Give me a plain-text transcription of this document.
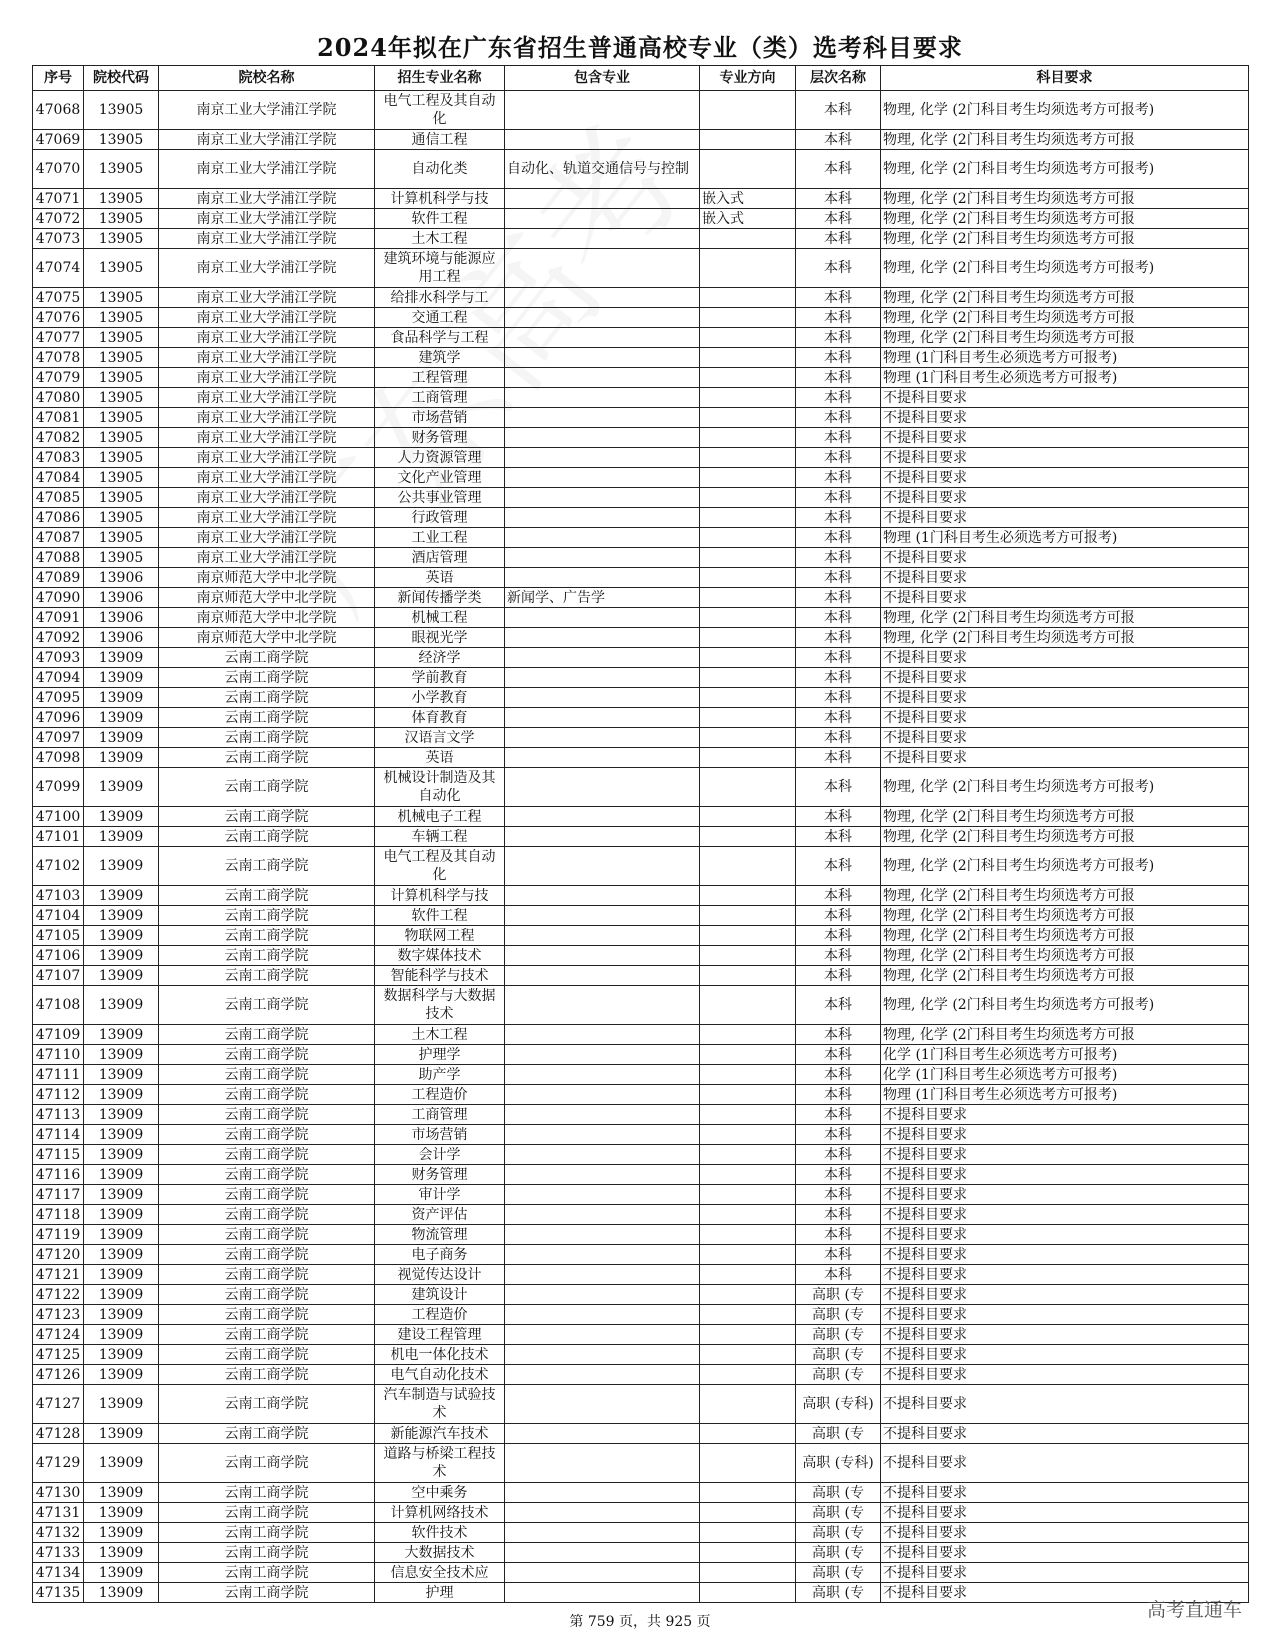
2024年拟在广东省招生普通高校专业（类）选考科目要求
序号	院校代码	院校名称	招生专业名称	包含专业	专业方向	层次名称	科目要求
47068	13905	南京工业大学浦江学院	电气工程及其自动化			本科	物理, 化学 (2门科目考生均须选考方可报考)
47069	13905	南京工业大学浦江学院	通信工程			本科	物理, 化学 (2门科目考生均须选考方可报
47070	13905	南京工业大学浦江学院	自动化类	自动化、轨道交通信号与控制		本科	物理, 化学 (2门科目考生均须选考方可报考)
47071	13905	南京工业大学浦江学院	计算机科学与技		嵌入式	本科	物理, 化学 (2门科目考生均须选考方可报
47072	13905	南京工业大学浦江学院	软件工程		嵌入式	本科	物理, 化学 (2门科目考生均须选考方可报
47073	13905	南京工业大学浦江学院	土木工程			本科	物理, 化学 (2门科目考生均须选考方可报
47074	13905	南京工业大学浦江学院	建筑环境与能源应用工程			本科	物理, 化学 (2门科目考生均须选考方可报考)
47075	13905	南京工业大学浦江学院	给排水科学与工			本科	物理, 化学 (2门科目考生均须选考方可报
47076	13905	南京工业大学浦江学院	交通工程			本科	物理, 化学 (2门科目考生均须选考方可报
47077	13905	南京工业大学浦江学院	食品科学与工程			本科	物理, 化学 (2门科目考生均须选考方可报
47078	13905	南京工业大学浦江学院	建筑学			本科	物理 (1门科目考生必须选考方可报考)
47079	13905	南京工业大学浦江学院	工程管理			本科	物理 (1门科目考生必须选考方可报考)
47080	13905	南京工业大学浦江学院	工商管理			本科	不提科目要求
47081	13905	南京工业大学浦江学院	市场营销			本科	不提科目要求
47082	13905	南京工业大学浦江学院	财务管理			本科	不提科目要求
47083	13905	南京工业大学浦江学院	人力资源管理			本科	不提科目要求
47084	13905	南京工业大学浦江学院	文化产业管理			本科	不提科目要求
47085	13905	南京工业大学浦江学院	公共事业管理			本科	不提科目要求
47086	13905	南京工业大学浦江学院	行政管理			本科	不提科目要求
47087	13905	南京工业大学浦江学院	工业工程			本科	物理 (1门科目考生必须选考方可报考)
47088	13905	南京工业大学浦江学院	酒店管理			本科	不提科目要求
47089	13906	南京师范大学中北学院	英语			本科	不提科目要求
47090	13906	南京师范大学中北学院	新闻传播学类	新闻学、广告学		本科	不提科目要求
47091	13906	南京师范大学中北学院	机械工程			本科	物理, 化学 (2门科目考生均须选考方可报
47092	13906	南京师范大学中北学院	眼视光学			本科	物理, 化学 (2门科目考生均须选考方可报
47093	13909	云南工商学院	经济学			本科	不提科目要求
47094	13909	云南工商学院	学前教育			本科	不提科目要求
47095	13909	云南工商学院	小学教育			本科	不提科目要求
47096	13909	云南工商学院	体育教育			本科	不提科目要求
47097	13909	云南工商学院	汉语言文学			本科	不提科目要求
47098	13909	云南工商学院	英语			本科	不提科目要求
47099	13909	云南工商学院	机械设计制造及其自动化			本科	物理, 化学 (2门科目考生均须选考方可报考)
47100	13909	云南工商学院	机械电子工程			本科	物理, 化学 (2门科目考生均须选考方可报
47101	13909	云南工商学院	车辆工程			本科	物理, 化学 (2门科目考生均须选考方可报
47102	13909	云南工商学院	电气工程及其自动化			本科	物理, 化学 (2门科目考生均须选考方可报考)
47103	13909	云南工商学院	计算机科学与技			本科	物理, 化学 (2门科目考生均须选考方可报
47104	13909	云南工商学院	软件工程			本科	物理, 化学 (2门科目考生均须选考方可报
47105	13909	云南工商学院	物联网工程			本科	物理, 化学 (2门科目考生均须选考方可报
47106	13909	云南工商学院	数字媒体技术			本科	物理, 化学 (2门科目考生均须选考方可报
47107	13909	云南工商学院	智能科学与技术			本科	物理, 化学 (2门科目考生均须选考方可报
47108	13909	云南工商学院	数据科学与大数据技术			本科	物理, 化学 (2门科目考生均须选考方可报考)
47109	13909	云南工商学院	土木工程			本科	物理, 化学 (2门科目考生均须选考方可报
47110	13909	云南工商学院	护理学			本科	化学 (1门科目考生必须选考方可报考)
47111	13909	云南工商学院	助产学			本科	化学 (1门科目考生必须选考方可报考)
47112	13909	云南工商学院	工程造价			本科	物理 (1门科目考生必须选考方可报考)
47113	13909	云南工商学院	工商管理			本科	不提科目要求
47114	13909	云南工商学院	市场营销			本科	不提科目要求
47115	13909	云南工商学院	会计学			本科	不提科目要求
47116	13909	云南工商学院	财务管理			本科	不提科目要求
47117	13909	云南工商学院	审计学			本科	不提科目要求
47118	13909	云南工商学院	资产评估			本科	不提科目要求
47119	13909	云南工商学院	物流管理			本科	不提科目要求
47120	13909	云南工商学院	电子商务			本科	不提科目要求
47121	13909	云南工商学院	视觉传达设计			本科	不提科目要求
47122	13909	云南工商学院	建筑设计			高职 (专	不提科目要求
47123	13909	云南工商学院	工程造价			高职 (专	不提科目要求
47124	13909	云南工商学院	建设工程管理			高职 (专	不提科目要求
47125	13909	云南工商学院	机电一体化技术			高职 (专	不提科目要求
47126	13909	云南工商学院	电气自动化技术			高职 (专	不提科目要求
47127	13909	云南工商学院	汽车制造与试验技术			高职 (专科)	不提科目要求
47128	13909	云南工商学院	新能源汽车技术			高职 (专	不提科目要求
47129	13909	云南工商学院	道路与桥梁工程技术			高职 (专科)	不提科目要求
47130	13909	云南工商学院	空中乘务			高职 (专	不提科目要求
47131	13909	云南工商学院	计算机网络技术			高职 (专	不提科目要求
47132	13909	云南工商学院	软件技术			高职 (专	不提科目要求
47133	13909	云南工商学院	大数据技术			高职 (专	不提科目要求
47134	13909	云南工商学院	信息安全技术应			高职 (专	不提科目要求
47135	13909	云南工商学院	护理			高职 (专	不提科目要求
第 759 页，共 925 页
高考直通车
